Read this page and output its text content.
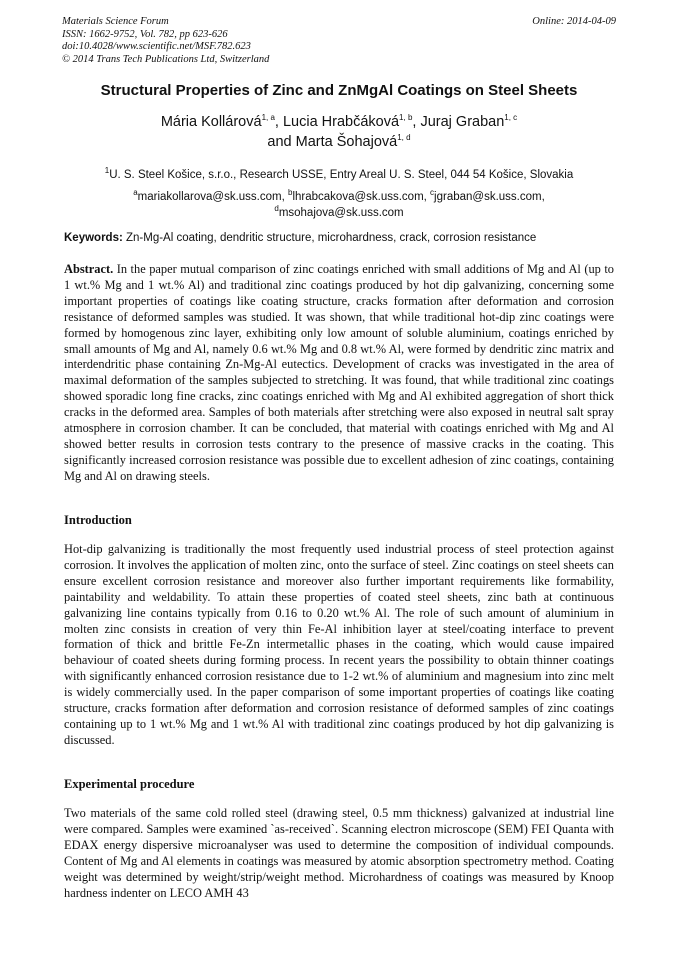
Materials Science Forum
ISSN: 1662-9752, Vol. 782, pp 623-626
doi:10.4028/www.scientific.net/MSF.782.623
© 2014 Trans Tech Publications Ltd, Switzerland
Online: 2014-04-09
Structural Properties of Zinc and ZnMgAl Coatings on Steel Sheets
Mária Kollárová$^{1, a}$, Lucia Hrabčáková$^{1, b}$, Juraj Graban$^{1, c}$
and Marta Šohajová$^{1, d}$
$^1$U. S. Steel Košice, s.r.o., Research USSE, Entry Areal U. S. Steel, 044 54 Košice, Slovakia
$^a$mariakollarova@sk.uss.com, $^b$lhrabcakova@sk.uss.com, $^c$jgraban@sk.uss.com,
$^d$msohajova@sk.uss.com
Keywords: Zn-Mg-Al coating, dendritic structure, microhardness, crack, corrosion resistance
Abstract. In the paper mutual comparison of zinc coatings enriched with small additions of Mg and Al (up to 1 wt.% Mg and 1 wt.% Al) and traditional zinc coatings produced by hot dip galvanizing, concerning some important properties of coatings like coating structure, cracks formation after deformation and corrosion resistance of deformed samples was studied. It was shown, that while traditional hot-dip zinc coatings were formed by homogenous zinc layer, exhibiting only low amount of soluble aluminium, coatings enriched by small amounts of Mg and Al, namely 0.6 wt.% Mg and 0.8 wt.% Al, were formed by dendritic zinc matrix and interdendritic phase containing Zn-Mg-Al eutectics. Development of cracks was investigated in the area of maximal deformation of the samples subjected to stretching. It was found, that while traditional zinc coatings showed sporadic long fine cracks, zinc coatings enriched with Mg and Al exhibited aggregation of short thick cracks in the deformed area. Samples of both materials after stretching were also exposed in neutral salt spray atmosphere in corrosion chamber. It can be concluded, that material with coatings enriched with Mg and Al showed better results in corrosion tests contrary to the presence of massive cracks in the coating. This significantly increased corrosion resistance was possible due to excellent adhesion of zinc coatings, containing Mg and Al on drawing steels.
Introduction
Hot-dip galvanizing is traditionally the most frequently used industrial process of steel protection against corrosion. It involves the application of molten zinc, onto the surface of steel. Zinc coatings on steel sheets can ensure excellent corrosion resistance and moreover also further important requirements like formability, paintability and weldability. To attain these properties of coated steel sheets, zinc bath at continuous galvanizing line contains typically from 0.16 to 0.20 wt.% Al. The role of such amount of aluminium in molten zinc consists in creation of very thin Fe-Al inhibition layer at steel/coating interface to prevent formation of thick and brittle Fe-Zn intermetallic phases in the coating, which would cause impaired behaviour of coated sheets during forming process. In recent years the possibility to obtain thinner coatings with significantly enhanced corrosion resistance due to 1-2 wt.% of aluminium and magnesium into zinc melt is widely commercially used. In the paper comparison of some important properties of coatings like coating structure, cracks formation after deformation and corrosion resistance of deformed samples of zinc coatings containing up to 1 wt.% Mg and 1 wt.% Al with traditional zinc coatings produced by hot dip galvanizing is discussed.
Experimental procedure
Two materials of the same cold rolled steel (drawing steel, 0.5 mm thickness) galvanized at industrial line were compared. Samples were examined `as-received`. Scanning electron microscope (SEM) FEI Quanta with EDAX energy dispersive microanalyser was used to determine the composition of individual compounds. Content of Mg and Al elements in coatings was measured by atomic absorption spectrometry method. Coating weight was determined by weight/strip/weight method. Microhardness of coatings was measured by Knoop hardness indenter on LECO AMH 43
